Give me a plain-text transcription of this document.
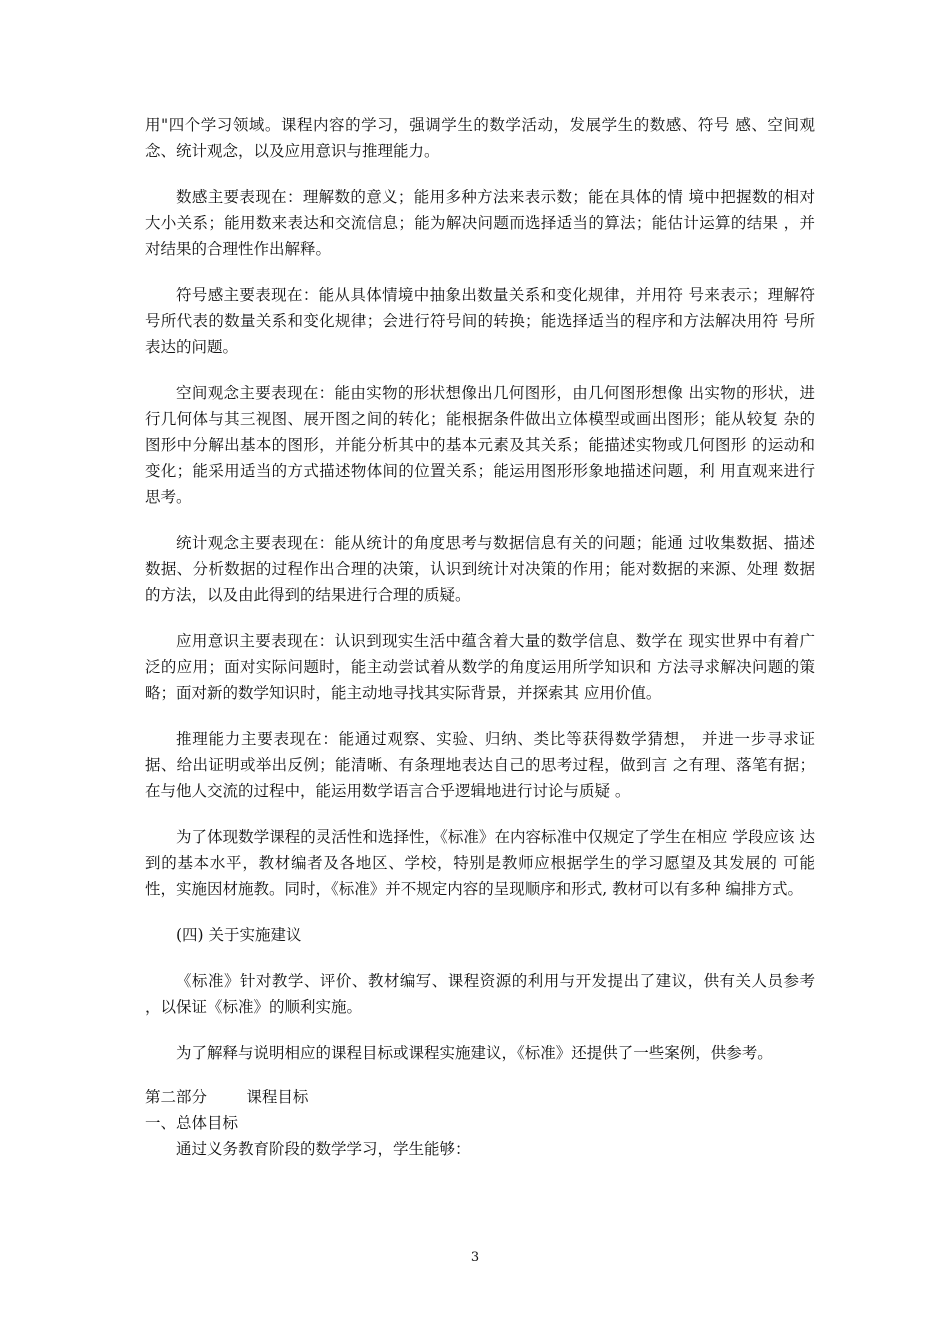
用"四个学习领域。课程内容的学习，强调学生的数学活动，发展学生的数感、符号 感、空间观念、统计观念，以及应用意识与推理能力。

数感主要表现在：理解数的意义；能用多种方法来表示数；能在具体的情 境中把握数的相对 大小关系；能用数来表达和交流信息；能为解决问题而选择适当的算法；能估计运算的结果 ，并对结果的合理性作出解释。

符号感主要表现在：能从具体情境中抽象出数量关系和变化规律，并用符 号来表示；理解符 号所代表的数量关系和变化规律；会进行符号间的转换；能选择适当的程序和方法解决用符 号所表达的问题。

空间观念主要表现在：能由实物的形状想像出几何图形，由几何图形想像 出实物的形状，进 行几何体与其三视图、展开图之间的转化；能根据条件做出立体模型或画出图形；能从较复 杂的图形中分解出基本的图形，并能分析其中的基本元素及其关系；能描述实物或几何图形 的运动和变化；能采用适当的方式描述物体间的位置关系；能运用图形形象地描述问题，利 用直观来进行思考。

统计观念主要表现在：能从统计的角度思考与数据信息有关的问题；能通 过收集数据、描述 数据、分析数据的过程作出合理的决策，认识到统计对决策的作用；能对数据的来源、处理 数据的方法，以及由此得到的结果进行合理的质疑。

应用意识主要表现在：认识到现实生活中蕴含着大量的数学信息、数学在 现实世界中有着广泛的应用；面对实际问题时，能主动尝试着从数学的角度运用所学知识和 方法寻求解决问题的策略；面对新的数学知识时，能主动地寻找其实际背景，并探索其 应用价值。

推理能力主要表现在：能通过观察、实验、归纳、类比等获得数学猜想， 并进一步寻求证据、给出证明或举出反例；能清晰、有条理地表达自己的思考过程，做到言 之有理、落笔有据；在与他人交流的过程中，能运用数学语言合乎逻辑地进行讨论与质疑 。

为了体现数学课程的灵活性和选择性，《标准》在内容标准中仅规定了学生在相应 学段应该 达到的基本水平，教材编者及各地区、学校，特别是教师应根据学生的学习愿望及其发展的 可能性，实施因材施教。同时，《标准》并不规定内容的呈现顺序和形式, 教材可以有多种 编排方式。

(四) 关于实施建议

《标准》针对教学、评价、教材编写、课程资源的利用与开发提出了建议，供有关人员参考 ，以保证《标准》的顺利实施。

为了解释与说明相应的课程目标或课程实施建议，《标准》还提供了一些案例，供参考。

第二部分        课程目标

一、总体目标

通过义务教育阶段的数学学习，学生能够：

3
